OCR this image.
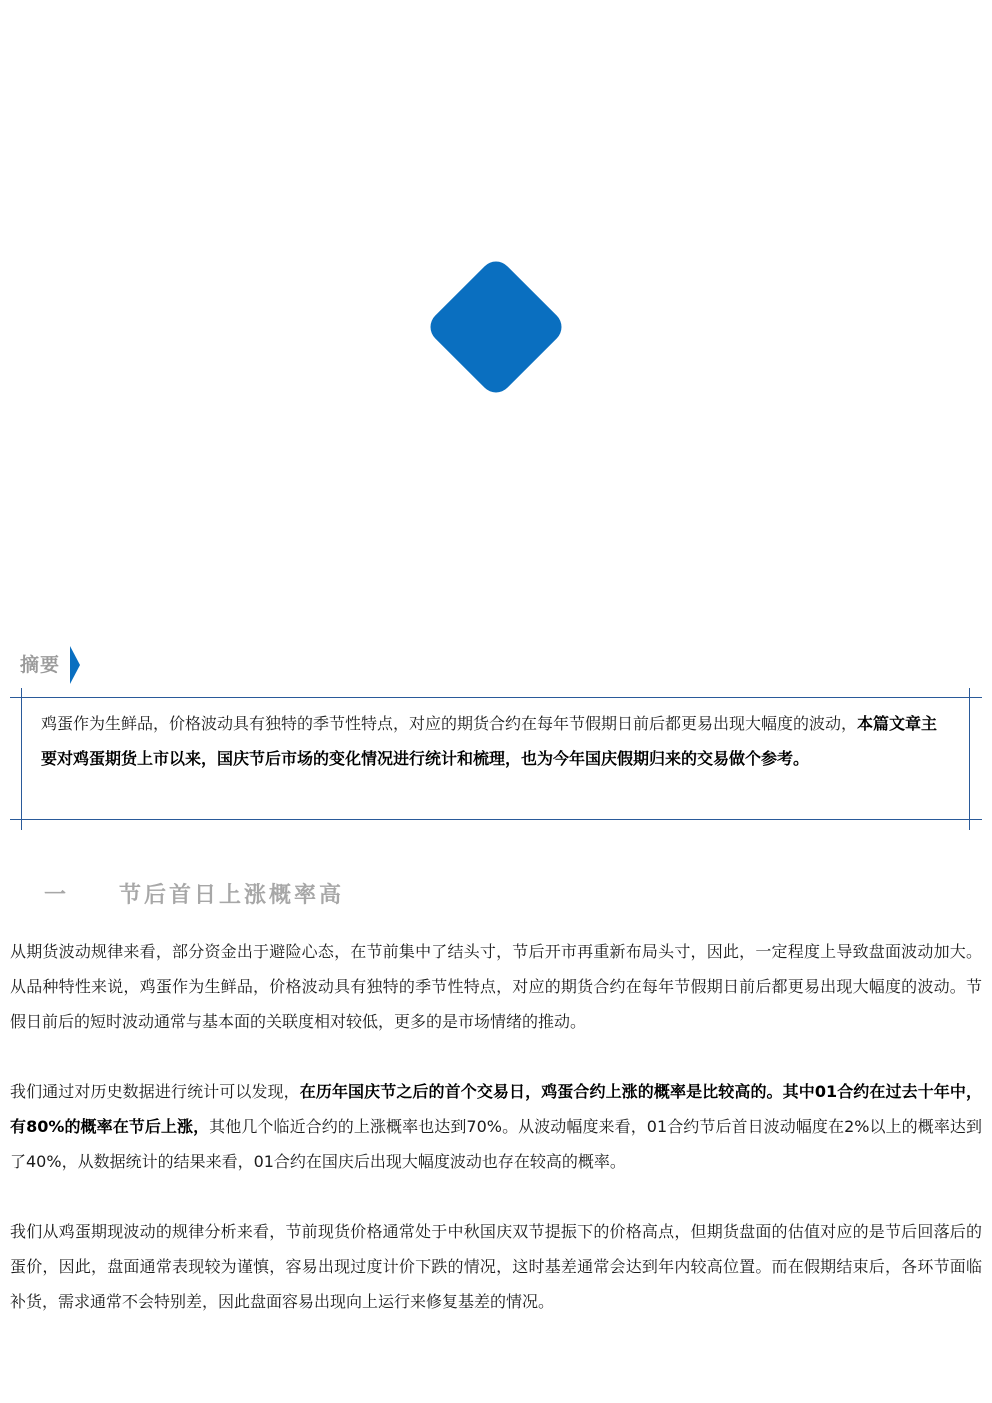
摘要
鸡蛋作为生鲜品，价格波动具有独特的季节性特点，对应的期货合约在每年节假期日前后都更易出现大幅度的波动，本篇文章主要对鸡蛋期货上市以来，国庆节后市场的变化情况进行统计和梳理，也为今年国庆假期归来的交易做个参考。
一 节后首日上涨概率高
从期货波动规律来看，部分资金出于避险心态，在节前集中了结头寸，节后开市再重新布局头寸，因此，一定程度上导致盘面波动加大。从品种特性来说，鸡蛋作为生鲜品，价格波动具有独特的季节性特点，对应的期货合约在每年节假期日前后都更易出现大幅度的波动。节假日前后的短时波动通常与基本面的关联度相对较低，更多的是市场情绪的推动。
我们通过对历史数据进行统计可以发现，在历年国庆节之后的首个交易日，鸡蛋合约上涨的概率是比较高的。其中01合约在过去十年中，有80%的概率在节后上涨，其他几个临近合约的上涨概率也达到70%。从波动幅度来看，01合约节后首日波动幅度在2%以上的概率达到了40%，从数据统计的结果来看，01合约在国庆后出现大幅度波动也存在较高的概率。
我们从鸡蛋期现波动的规律分析来看，节前现货价格通常处于中秋国庆双节提振下的价格高点，但期货盘面的估值对应的是节后回落后的蛋价，因此，盘面通常表现较为谨慎，容易出现过度计价下跌的情况，这时基差通常会达到年内较高位置。而在假期结束后，各环节面临补货，需求通常不会特别差，因此盘面容易出现向上运行来修复基差的情况。
